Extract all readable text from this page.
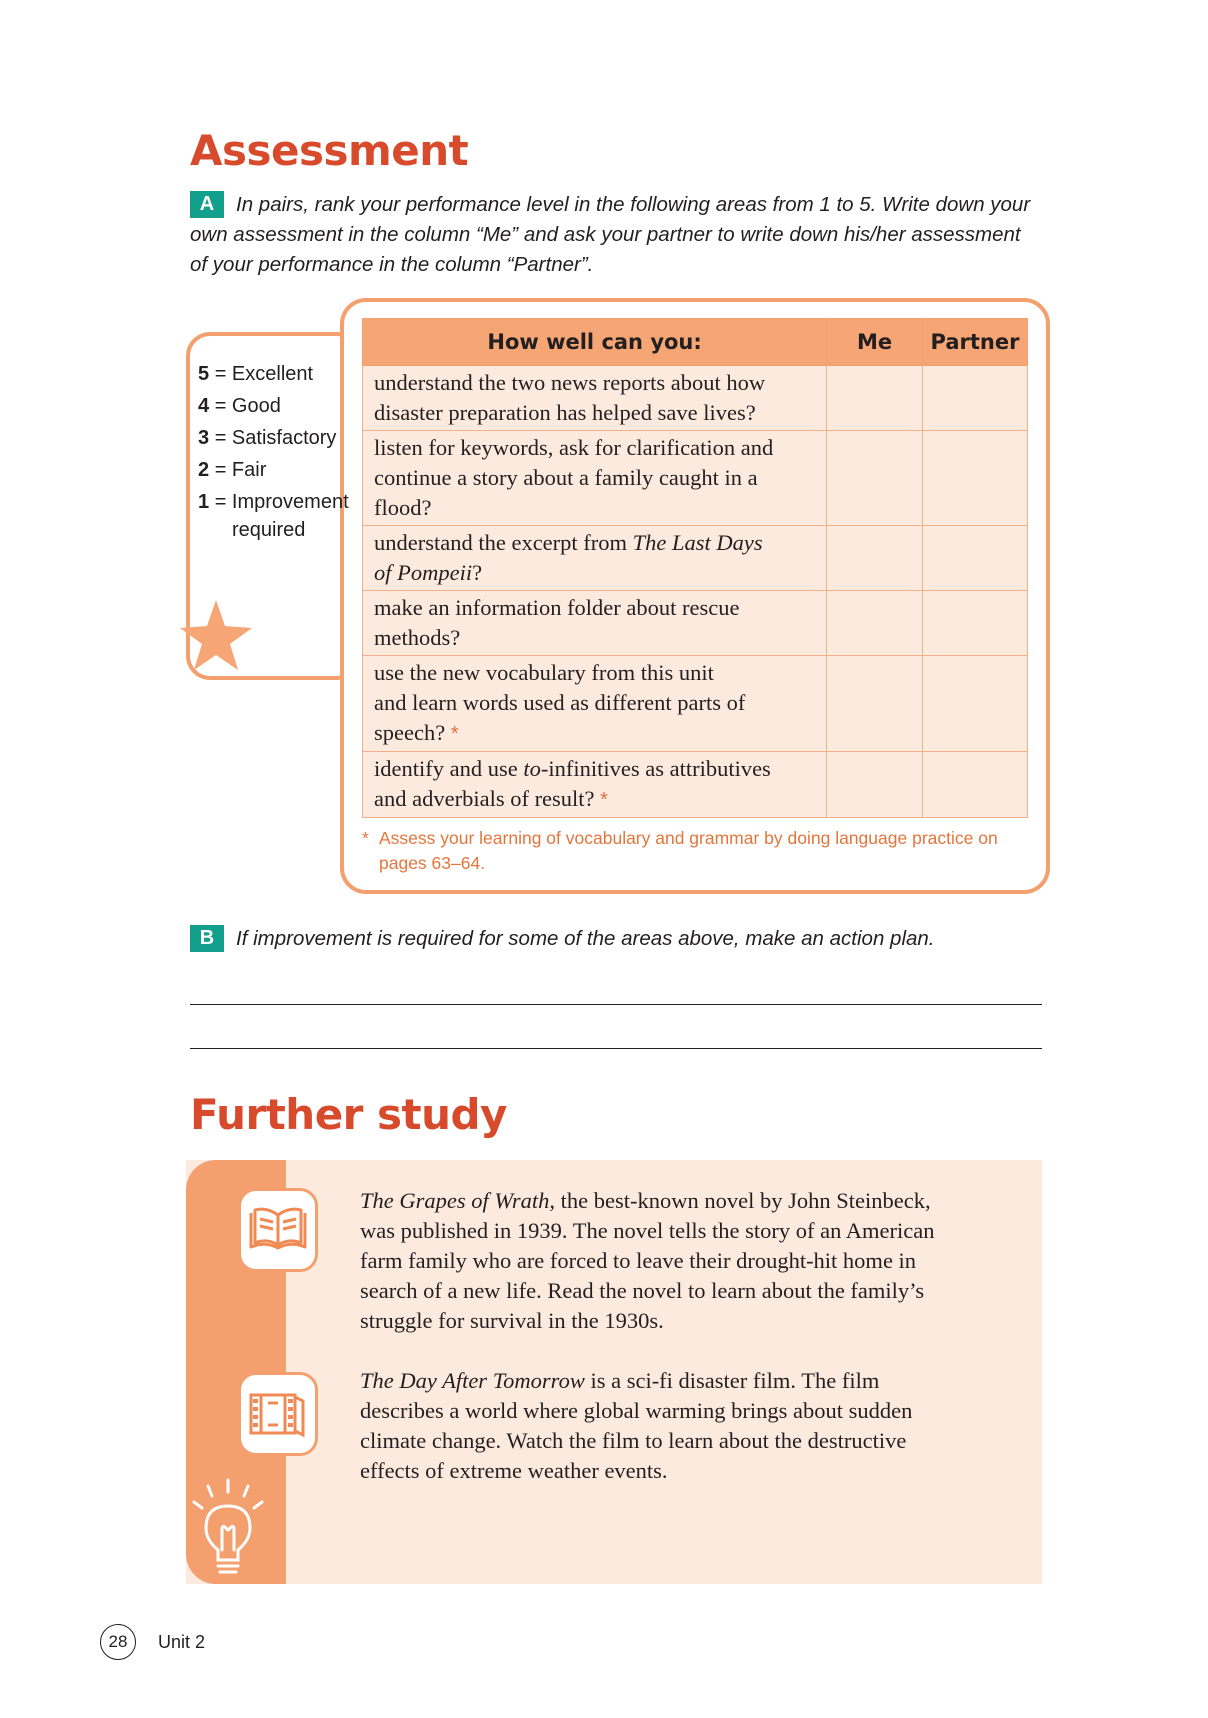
Assessment
A In pairs, rank your performance level in the following areas from 1 to 5. Write down your
own assessment in the column “Me” and ask your partner to write down his/her assessment
of your performance in the column “Partner”.
5 = Excellent
4 = Good
3 = Satisfactory
2 = Fair
1 = Improvement
required
How well can you:	Me	Partner

understand the two news reports about how
disaster preparation has helped save lives?		

listen for keywords, ask for clarification and
continue a story about a family caught in a
flood?		

understand the excerpt from The Last Days
of Pompeii?		

make an information folder about rescue
methods?		

use the new vocabulary from this unit
and learn words used as different parts of
speech? *		

identify and use to-infinitives as attributives
and adverbials of result? *		

* Assess your learning of vocabulary and grammar by doing language practice on
pages 63–64.
B If improvement is required for some of the areas above, make an action plan.
Further study
The Grapes of Wrath, the best-known novel by John Steinbeck,
was published in 1939. The novel tells the story of an American
farm family who are forced to leave their drought-hit home in
search of a new life. Read the novel to learn about the family’s
struggle for survival in the 1930s.
The Day After Tomorrow is a sci-fi disaster film. The film
describes a world where global warming brings about sudden
climate change. Watch the film to learn about the destructive
effects of extreme weather events.
28	Unit 2
